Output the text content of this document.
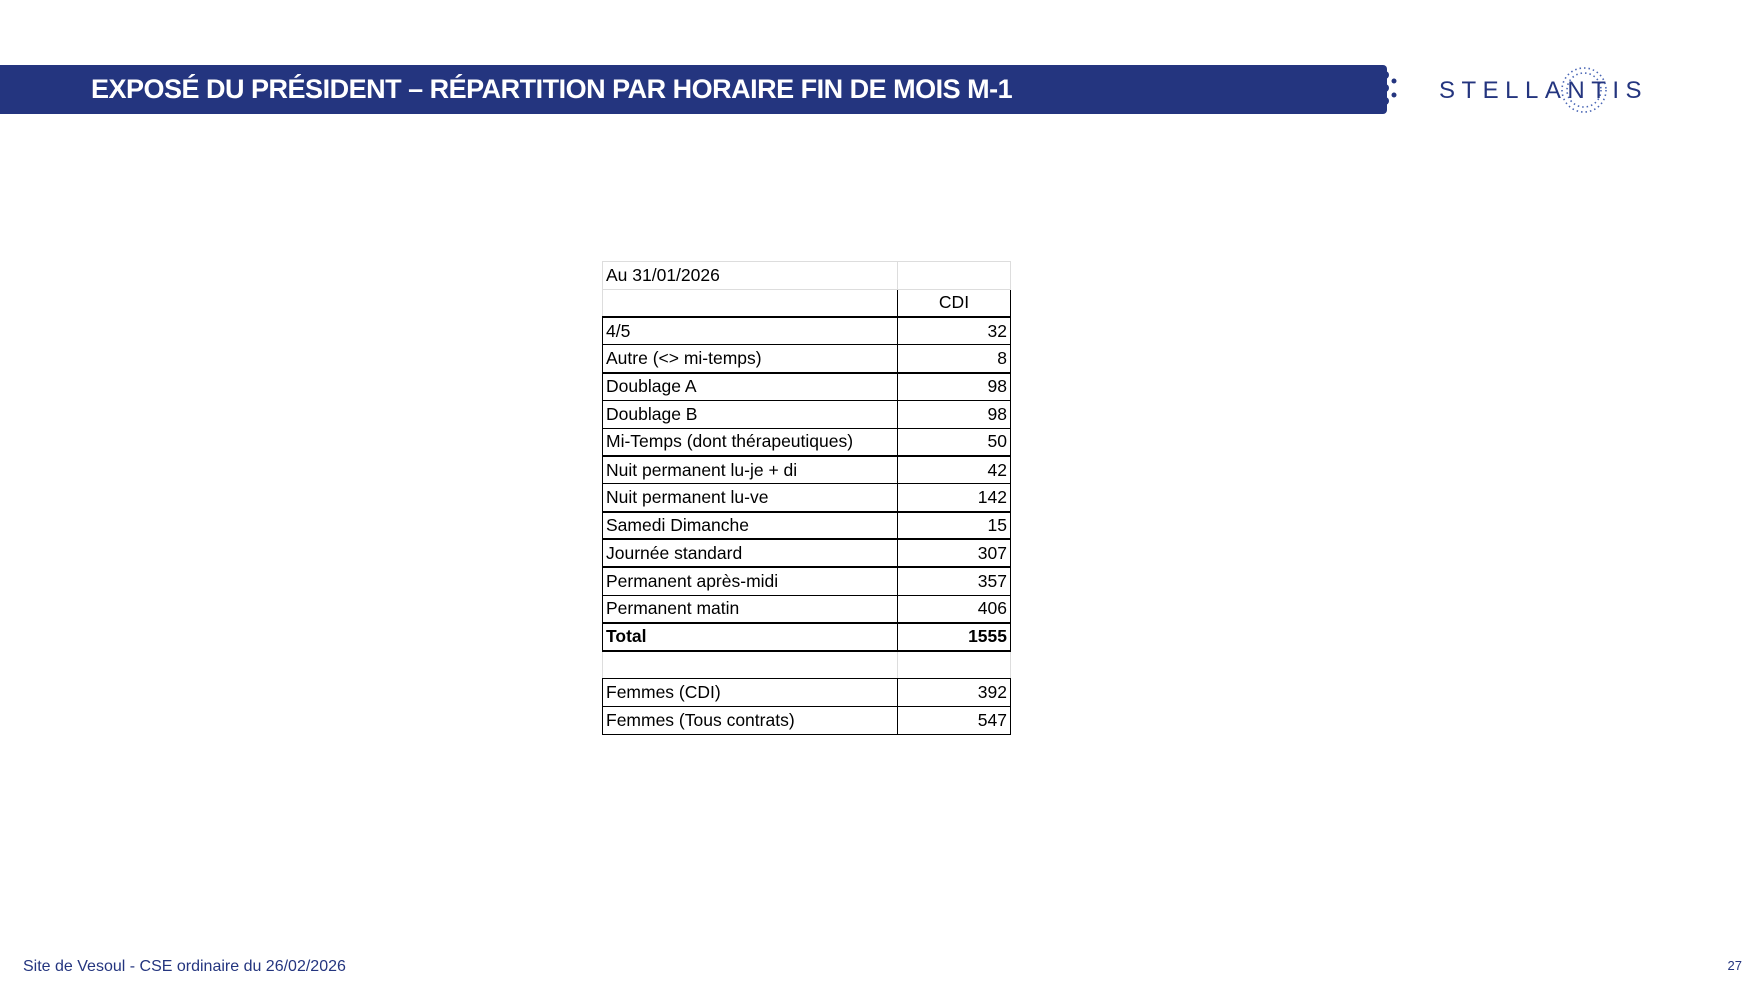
EXPOSÉ DU PRÉSIDENT – RÉPARTITION PAR HORAIRE FIN DE MOIS M-1	STELLANTIS
Au 31/01/2026	
	CDI
4/5	32
Autre (<> mi-temps)	8
Doublage A	98
Doublage B	98
Mi-Temps (dont thérapeutiques)	50
Nuit permanent lu-je + di	42
Nuit permanent lu-ve	142
Samedi Dimanche	15
Journée standard	307
Permanent après-midi	357
Permanent matin	406
Total	1555

Femmes (CDI)	392
Femmes (Tous contrats)	547
Site de Vesoul - CSE ordinaire du 26/02/2026	27
